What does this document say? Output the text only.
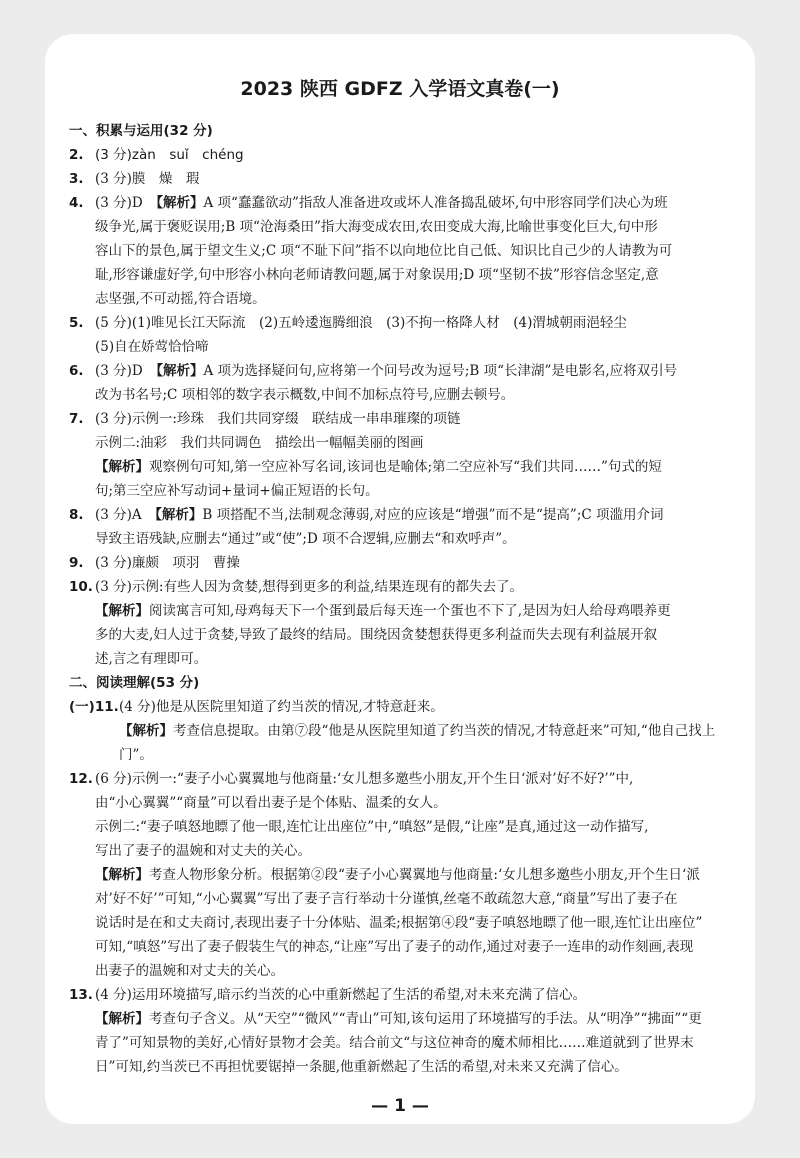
2023 陕西 GDFZ 入学语文真卷(一)
一、积累与运用(32 分)
2. (3 分)zàn　suǐ　chéng
3. (3 分)膜　燥　瑕
4. (3 分)D　【解析】A 项“蠢蠢欲动”指敌人准备进攻或坏人准备捣乱破坏,句中形容同学们决心为班
级争光,属于褒贬误用;B 项“沧海桑田”指大海变成农田,农田变成大海,比喻世事变化巨大,句中形
容山下的景色,属于望文生义;C 项“不耻下问”指不以向地位比自己低、知识比自己少的人请教为可
耻,形容谦虚好学,句中形容小林向老师请教问题,属于对象误用;D 项“坚韧不拔”形容信念坚定,意
志坚强,不可动摇,符合语境。
5. (5 分)(1)唯见长江天际流　(2)五岭逶迤腾细浪　(3)不拘一格降人材　(4)渭城朝雨浥轻尘
(5)自在娇莺恰恰啼
6. (3 分)D　【解析】A 项为选择疑问句,应将第一个问号改为逗号;B 项“长津湖”是电影名,应将双引号
改为书名号;C 项相邻的数字表示概数,中间不加标点符号,应删去顿号。
7. (3 分)示例一:珍珠　我们共同穿缀　联结成一串串璀璨的项链
示例二:油彩　我们共同调色　描绘出一幅幅美丽的图画
【解析】观察例句可知,第一空应补写名词,该词也是喻体;第二空应补写“我们共同……”句式的短
句;第三空应补写动词+量词+偏正短语的长句。
8. (3 分)A　【解析】B 项搭配不当,法制观念薄弱,对应的应该是“增强”而不是“提高”;C 项滥用介词
导致主语残缺,应删去“通过”或“使”;D 项不合逻辑,应删去“和欢呼声”。
9. (3 分)廉颇　项羽　曹操
10. (3 分)示例:有些人因为贪婪,想得到更多的利益,结果连现有的都失去了。
【解析】阅读寓言可知,母鸡每天下一个蛋到最后每天连一个蛋也不下了,是因为妇人给母鸡喂养更
多的大麦,妇人过于贪婪,导致了最终的结局。围绕因贪婪想获得更多利益而失去现有利益展开叙
述,言之有理即可。
二、阅读理解(53 分)
(一)11. (4 分)他是从医院里知道了约当茨的情况,才特意赶来。
【解析】考查信息提取。由第⑦段“他是从医院里知道了约当茨的情况,才特意赶来”可知,“他自己找上
门”。
12. (6 分)示例一:“妻子小心翼翼地与他商量:‘女儿想多邀些小朋友,开个生日‘派对’好不好?’”中,
由“小心翼翼”“商量”可以看出妻子是个体贴、温柔的女人。
示例二:“妻子嗔怒地瞟了他一眼,连忙让出座位”中,“嗔怒”是假,“让座”是真,通过这一动作描写,
写出了妻子的温婉和对丈夫的关心。
【解析】考查人物形象分析。根据第②段“妻子小心翼翼地与他商量:‘女儿想多邀些小朋友,开个生日‘派
对’好不好’”可知,“小心翼翼”写出了妻子言行举动十分谨慎,丝毫不敢疏忽大意,“商量”写出了妻子在
说话时是在和丈夫商讨,表现出妻子十分体贴、温柔;根据第④段“妻子嗔怒地瞟了他一眼,连忙让出座位”
可知,“嗔怒”写出了妻子假装生气的神态,“让座”写出了妻子的动作,通过对妻子一连串的动作刻画,表现
出妻子的温婉和对丈夫的关心。
13. (4 分)运用环境描写,暗示约当茨的心中重新燃起了生活的希望,对未来充满了信心。
【解析】考查句子含义。从“天空”“微风”“青山”可知,该句运用了环境描写的手法。从“明净”“拂面”“更
青了”可知景物的美好,心情好景物才会美。结合前文“与这位神奇的魔术师相比……难道就到了世界末
日”可知,约当茨已不再担忧要锯掉一条腿,他重新燃起了生活的希望,对未来又充满了信心。
— 1 —
